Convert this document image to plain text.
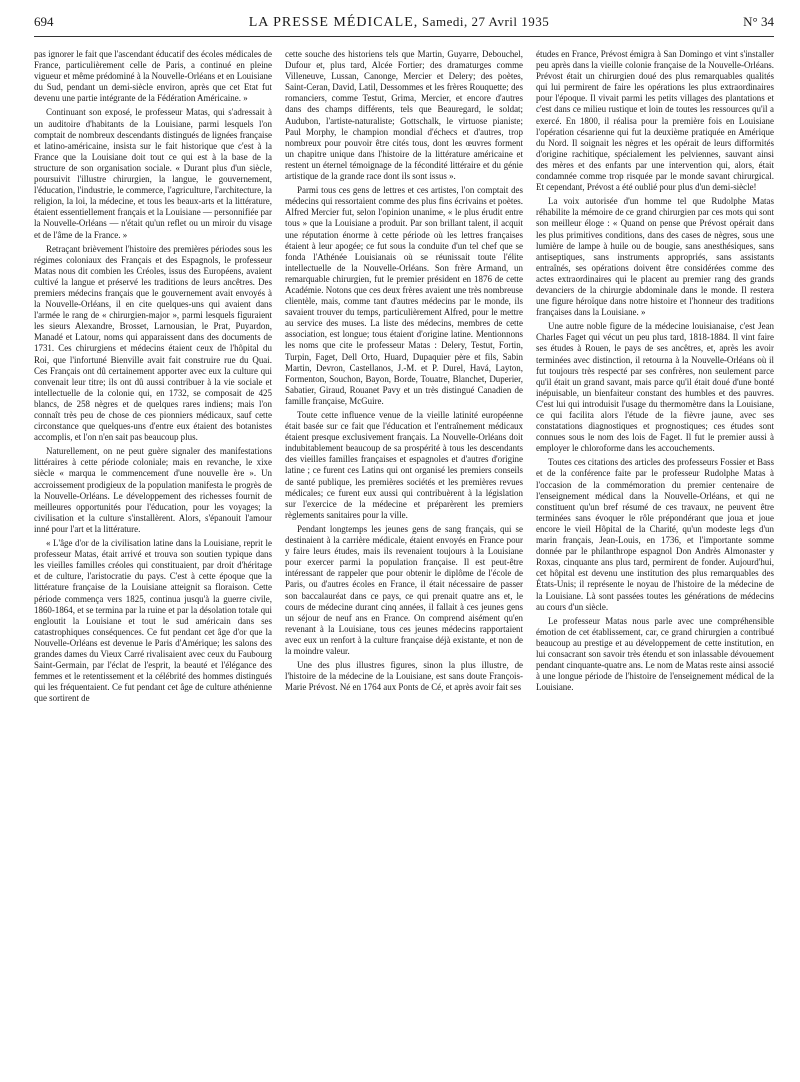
694	LA PRESSE MÉDICALE, Samedi, 27 Avril 1935	N° 34

pas ignorer le fait que l'ascendant éducatif des écoles médicales de France, particulièrement celle de Paris, a continué en pleine vigueur et même prédominé à la Nouvelle-Orléans et en Louisiane du Sud, pendant un demi-siècle environ, après que cet Etat fut devenu une partie intégrante de la Fédération Américaine. »

Continuant son exposé, le professeur Matas, qui s'adressait à un auditoire d'habitants de la Louisiane, parmi lesquels l'on comptait de nombreux descendants distingués de lignées française et latino-américaine, insista sur le fait historique que c'est à la France que la Louisiane doit tout ce qui est à la base de la structure de son organisation sociale. « Durant plus d'un siècle, poursuivit l'illustre chirurgien, la langue, le gouvernement, l'éducation, l'industrie, le commerce, l'agriculture, l'architecture, la religion, la loi, la médecine, et tous les beaux-arts et la littérature, étaient essentiellement français et la Louisiane — personnifiée par la Nouvelle-Orléans — n'était qu'un reflet ou un miroir du visage et de l'âme de la France. »

Retraçant brièvement l'histoire des premières périodes sous les régimes coloniaux des Français et des Espagnols, le professeur Matas nous dit combien les Créoles, issus des Européens, avaient cultivé la langue et préservé les traditions de leurs ancêtres. Des premiers médecins français que le gouvernement avait envoyés à la Nouvelle-Orléans, il en cite quelques-uns qui avaient dans l'armée le rang de « chirurgien-major », parmi lesquels figuraient les sieurs Alexandre, Brosset, Larnousian, le Prat, Puyardon, Manadé et Latour, noms qui apparaissent dans des documents de 1731. Ces chirurgiens et médecins étaient ceux de l'hôpital du Roi, que l'infortuné Bienville avait fait construire rue du Quai. Ces Français ont dû certainement apporter avec eux la culture qui convenait leur titre; ils ont dû aussi contribuer à la vie sociale et intellectuelle de la colonie qui, en 1732, se composait de 425 blancs, de 258 nègres et de quelques rares indiens; mais l'on connaît très peu de chose de ces pionniers médicaux, sauf cette circonstance que quelques-uns d'entre eux étaient des botanistes accomplis, et l'on n'en sait pas beaucoup plus.

Naturellement, on ne peut guère signaler des manifestations littéraires à cette période coloniale; mais en revanche, le xixe siècle « marqua le commencement d'une nouvelle ère ». Un accroissement prodigieux de la population manifesta le progrès de la Nouvelle-Orléans. Le développement des richesses fournit de meilleures opportunités pour l'éducation, pour les voyages; la civilisation et la culture s'installèrent. Alors, s'épanouit l'amour inné pour l'art et la littérature.

« L'âge d'or de la civilisation latine dans la Louisiane, reprit le professeur Matas, était arrivé et trouva son soutien typique dans les vieilles familles créoles qui constituaient, par droit d'héritage et de culture, l'aristocratie du pays. C'est à cette époque que la littérature française de la Louisiane atteignit sa floraison. Cette période commença vers 1825, continua jusqu'à la guerre civile, 1860-1864, et se termina par la ruine et par la désolation totale qui engloutit la Louisiane et tout le sud américain dans ses catastrophiques conséquences. Ce fut pendant cet âge d'or que la Nouvelle-Orléans est devenue le Paris d'Amérique; les salons des grandes dames du Vieux Carré rivalisaient avec ceux du Faubourg Saint-Germain, par l'éclat de l'esprit, la beauté et l'élégance des femmes et le retentissement et la célébrité des hommes distingués qui les fréquentaient. Ce fut pendant cet âge de culture athénienne que sortirent de

cette souche des historiens tels que Martin, Guyarre, Debouchel, Dufour et, plus tard, Alcée Fortier; des dramaturges comme Villeneuve, Lussan, Canonge, Mercier et Delery; des poètes, Saint-Ceran, David, Latil, Dessommes et les frères Rouquette; des romanciers, comme Testut, Grima, Mercier, et encore d'autres dans des champs différents, tels que Beauregard, le soldat; Audubon, l'artiste-naturaliste; Gottschalk, le virtuose pianiste; Paul Morphy, le champion mondial d'échecs et d'autres, trop nombreux pour pouvoir être cités tous, dont les œuvres forment un chapitre unique dans l'histoire de la littérature américaine et restent un éternel témoignage de la fécondité littéraire et du génie artistique de la grande race dont ils sont issus ».

Parmi tous ces gens de lettres et ces artistes, l'on comptait des médecins qui ressortaient comme des plus fins écrivains et poètes. Alfred Mercier fut, selon l'opinion unanime, « le plus érudit entre tous » que la Louisiane a produit. Par son brillant talent, il acquit une réputation énorme à cette période où les lettres françaises étaient à leur apogée; ce fut sous la conduite d'un tel chef que se fonda l'Athénée Louisianais où se réunissait toute l'élite intellectuelle de la Nouvelle-Orléans. Son frère Armand, un remarquable chirurgien, fut le premier président en 1876 de cette Académie. Notons que ces deux frères avaient une très nombreuse clientèle, mais, comme tant d'autres médecins par le monde, ils savaient trouver du temps, particulièrement Alfred, pour le mettre au service des muses. La liste des médecins, membres de cette association, est longue; tous étaient d'origine latine. Mentionnons les noms que cite le professeur Matas : Delery, Testut, Fortin, Turpin, Faget, Dell Orto, Huard, Dupaquier père et fils, Sabin Martin, Devron, Castellanos, J.-M. et P. Durel, Havá, Layton, Formenton, Souchon, Bayon, Borde, Touatre, Blanchet, Duperier, Sabatier, Giraud, Rouanet Pavy et un très distingué Canadien de famille française, McGuire.

Toute cette influence venue de la vieille latinité européenne était basée sur ce fait que l'éducation et l'entraînement médicaux étaient presque exclusivement français. La Nouvelle-Orléans doit indubitablement beaucoup de sa prospérité à tous les descendants des vieilles familles françaises et espagnoles et d'autres d'origine latine ; ce furent ces Latins qui ont organisé les premiers conseils de santé publique, les premières sociétés et les premières revues médicales; ce furent eux aussi qui contribuèrent à la législation sur l'exercice de la médecine et préparèrent les premiers règlements sanitaires pour la ville.

Pendant longtemps les jeunes gens de sang français, qui se destinaient à la carrière médicale, étaient envoyés en France pour y faire leurs études, mais ils revenaient toujours à la Louisiane pour exercer parmi la population française. Il est peut-être intéressant de rappeler que pour obtenir le diplôme de l'école de Paris, ou d'autres écoles en France, il était nécessaire de passer son baccalauréat dans ce pays, ce qui prenait quatre ans et, le cours de médecine durant cinq années, il fallait à ces jeunes gens un séjour de neuf ans en France. On comprend aisément qu'en revenant à la Louisiane, tous ces jeunes médecins rapportaient avec eux un renfort à la culture française déjà existante, et non de la moindre valeur.

Une des plus illustres figures, sinon la plus illustre, de l'histoire de la médecine de la Louisiane, est sans doute François-Marie Prévost. Né en 1764 aux Ponts de Cé, et après avoir fait ses

études en France, Prévost émigra à San Domingo et vint s'installer peu après dans la vieille colonie française de la Nouvelle-Orléans. Prévost était un chirurgien doué des plus remarquables qualités qui lui permirent de faire les opérations les plus extraordinaires pour l'époque. Il vivait parmi les petits villages des plantations et c'est dans ce milieu rustique et loin de toutes les ressources qu'il a exercé. En 1800, il réalisa pour la première fois en Louisiane l'opération césarienne qui fut la deuxième pratiquée en Amérique du Nord. Il soignait les nègres et les opérait de leurs difformités d'origine rachitique, spécialement les pelviennes, sauvant ainsi des mères et des enfants par une intervention qui, alors, était condamnée comme trop risquée par le monde savant chirurgical. Et cependant, Prévost a été oublié pour plus d'un demi-siècle!

La voix autorisée d'un homme tel que Rudolphe Matas réhabilite la mémoire de ce grand chirurgien par ces mots qui sont son meilleur éloge : « Quand on pense que Prévost opérait dans les plus primitives conditions, dans des cases de nègres, sous une lumière de lampe à huile ou de bougie, sans anesthésiques, sans antiseptiques, sans instruments appropriés, sans assistants entraînés, ses opérations doivent être considérées comme des actes extraordinaires qui le placent au premier rang des grands devanciers de la chirurgie abdominale dans le monde. Il restera une figure héroïque dans notre histoire et l'honneur des traditions françaises dans la Louisiane. »

Une autre noble figure de la médecine louisianaise, c'est Jean Charles Faget qui vécut un peu plus tard, 1818-1884. Il vint faire ses études à Rouen, le pays de ses ancêtres, et, après les avoir terminées avec distinction, il retourna à la Nouvelle-Orléans où il fut toujours très respecté par ses confrères, non seulement parce qu'il était un grand savant, mais parce qu'il était doué d'une bonté inépuisable, un bienfaiteur constant des humbles et des pauvres. C'est lui qui introduisit l'usage du thermomètre dans la Louisiane, ce qui facilita alors l'étude de la fièvre jaune, avec ses constatations diagnostiques et prognostiques; ces études sont connues sous le nom des lois de Faget. Il fut le premier aussi à employer le chloroforme dans les accouchements.

Toutes ces citations des articles des professeurs Fossier et Bass et de la conférence faite par le professeur Rudolphe Matas à l'occasion de la commémoration du premier centenaire de l'enseignement médical dans la Nouvelle-Orléans, et qui ne constituent qu'un bref résumé de ces travaux, ne peuvent être terminées sans évoquer le rôle prépondérant que joua et joue encore le vieil Hôpital de la Charité, qu'un modeste legs d'un marin français, Jean-Louis, en 1736, et l'importante somme donnée par le philanthrope espagnol Don Andrès Almonaster y Roxas, cinquante ans plus tard, permirent de fonder. Aujourd'hui, cet hôpital est devenu une institution des plus remarquables des États-Unis; il représente le noyau de l'histoire de la médecine de la Louisiane. Là sont passées toutes les générations de médecins au cours d'un siècle.

Le professeur Matas nous parle avec une compréhensible émotion de cet établissement, car, ce grand chirurgien a contribué beaucoup au prestige et au développement de cette institution, en lui consacrant son savoir très étendu et son inlassable dévouement pendant cinquante-quatre ans. Le nom de Matas reste ainsi associé à une longue période de l'histoire de l'enseignement médical de la Louisiane.
